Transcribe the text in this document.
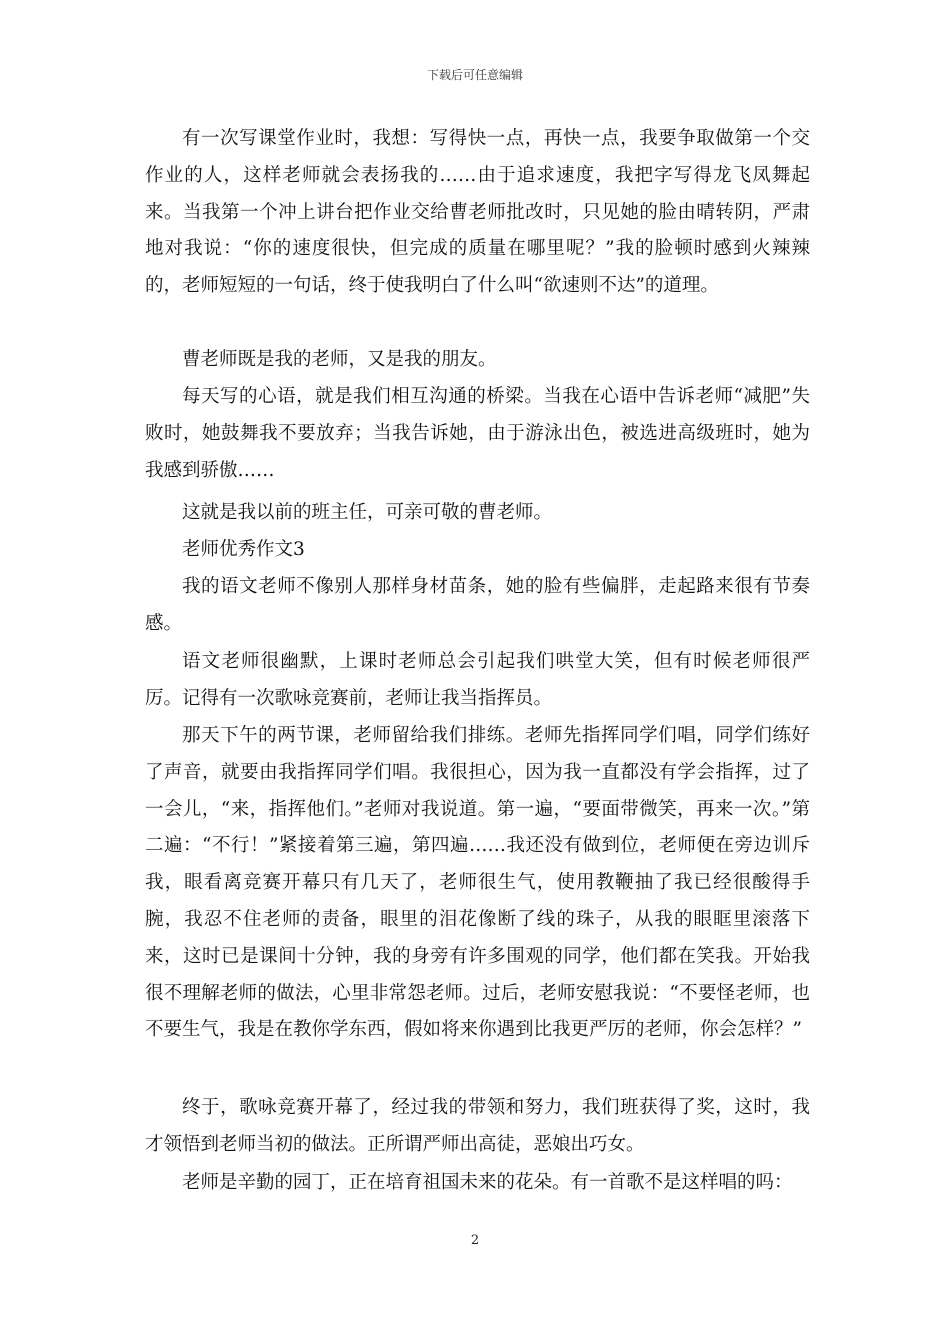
下载后可任意编辑

有一次写课堂作业时，我想：写得快一点，再快一点，我要争取做第一个交作业的人，这样老师就会表扬我的……由于追求速度，我把字写得龙飞凤舞起来。当我第一个冲上讲台把作业交给曹老师批改时，只见她的脸由晴转阴，严肃地对我说：“你的速度很快，但完成的质量在哪里呢？”我的脸顿时感到火辣辣的，老师短短的一句话，终于使我明白了什么叫“欲速则不达”的道理。

曹老师既是我的老师，又是我的朋友。

每天写的心语，就是我们相互沟通的桥梁。当我在心语中告诉老师“减肥”失败时，她鼓舞我不要放弃；当我告诉她，由于游泳出色，被选进高级班时，她为我感到骄傲……

这就是我以前的班主任，可亲可敬的曹老师。

老师优秀作文3

我的语文老师不像别人那样身材苗条，她的脸有些偏胖，走起路来很有节奏感。

语文老师很幽默，上课时老师总会引起我们哄堂大笑，但有时候老师很严厉。记得有一次歌咏竞赛前，老师让我当指挥员。

那天下午的两节课，老师留给我们排练。老师先指挥同学们唱，同学们练好了声音，就要由我指挥同学们唱。我很担心，因为我一直都没有学会指挥，过了一会儿，“来，指挥他们。”老师对我说道。第一遍，“要面带微笑，再来一次。”第二遍：“不行！”紧接着第三遍，第四遍……我还没有做到位，老师便在旁边训斥我，眼看离竞赛开幕只有几天了，老师很生气，使用教鞭抽了我已经很酸得手腕，我忍不住老师的责备，眼里的泪花像断了线的珠子，从我的眼眶里滚落下来，这时已是课间十分钟，我的身旁有许多围观的同学，他们都在笑我。开始我很不理解老师的做法，心里非常怨老师。过后，老师安慰我说：“不要怪老师，也不要生气，我是在教你学东西，假如将来你遇到比我更严厉的老师，你会怎样？”

终于，歌咏竞赛开幕了，经过我的带领和努力，我们班获得了奖，这时，我才领悟到老师当初的做法。正所谓严师出高徒，恶娘出巧女。

老师是辛勤的园丁，正在培育祖国未来的花朵。有一首歌不是这样唱的吗：

2
